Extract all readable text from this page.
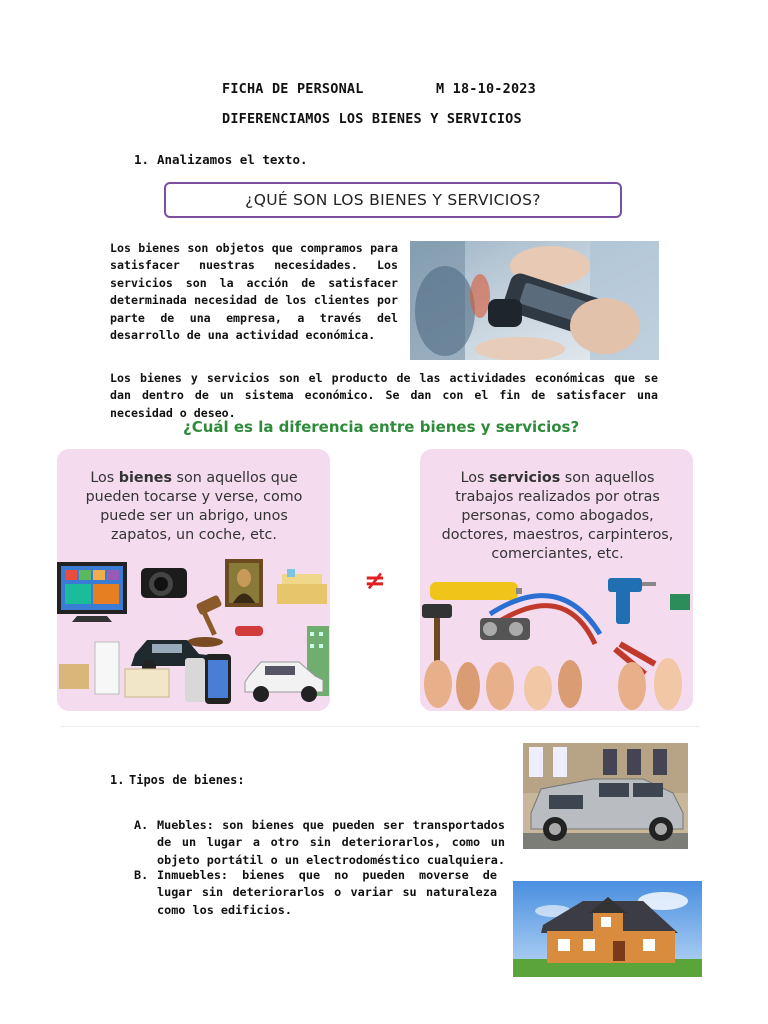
FICHA DE PERSONAL	M 18-10-2023
DIFERENCIAMOS LOS BIENES Y SERVICIOS
1. Analizamos el texto.
¿QUÉ SON LOS BIENES Y SERVICIOS?
Los bienes son objetos que compramos para satisfacer nuestras necesidades. Los servicios son la acción de satisfacer determinada necesidad de los clientes por parte de una empresa, a través del desarrollo de una actividad económica.
Los bienes y servicios son el producto de las actividades económicas que se dan dentro de un sistema económico. Se dan con el fin de satisfacer una necesidad o deseo.
¿Cuál es la diferencia entre bienes y servicios?
Los bienes son aquellos que pueden tocarse y verse, como puede ser un abrigo, unos zapatos, un coche, etc.
≠
Los servicios son aquellos trabajos realizados por otras personas, como abogados, doctores, maestros, carpinteros, comerciantes, etc.
1. Tipos de bienes:
A. Muebles: son bienes que pueden ser transportados de un lugar a otro sin deteriorarlos, como un objeto portátil o un electrodoméstico cualquiera.
B. Inmuebles: bienes que no pueden moverse de lugar sin deteriorarlos o variar su naturaleza como los edificios.
